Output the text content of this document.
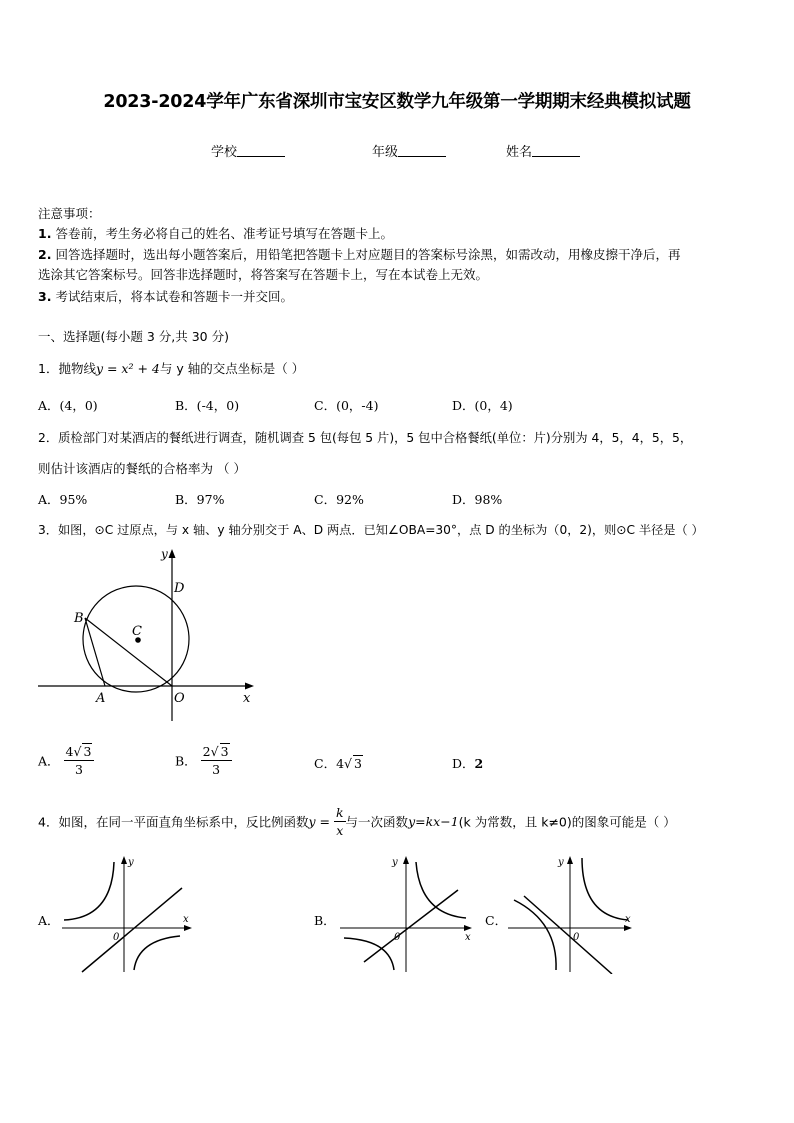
2023-2024学年广东省深圳市宝安区数学九年级第一学期期末经典模拟试题
学校	年级	姓名
注意事项：
1. 答卷前，考生务必将自己的姓名、准考证号填写在答题卡上。
2. 回答选择题时，选出每小题答案后，用铅笔把答题卡上对应题目的答案标号涂黑，如需改动，用橡皮擦干净后，再
选涂其它答案标号。回答非选择题时，将答案写在答题卡上，写在本试卷上无效。
3. 考试结束后，将本试卷和答题卡一并交回。
一、选择题(每小题 3 分,共 30 分)
1．抛物线y = x² + 4与 y 轴的交点坐标是（ ）
A．(4，0)	B．(-4，0)	C．(0，-4)	D．(0，4)
2．质检部门对某酒店的餐纸进行调查，随机调查 5 包(每包 5 片)，5 包中合格餐纸(单位：片)分别为 4，5，4，5，5，
则估计该酒店的餐纸的合格率为 （ ）
A．95%	B．97%	C．92%	D．98%
3．如图，⊙C 过原点，与 x 轴、y 轴分别交于 A、D 两点．已知∠OBA=30°，点 D 的坐标为（0，2)，则⊙C 半径是（ ）
y
x
D
B
C
A	O
A． $\frac{4√ 3}{3}$	B． $\frac{2√ 3}{3}$	C．4√ 3	D．2
4．如图，在同一平面直角坐标系中，反比例函数$y = \frac{k}{x}$ 与一次函数y=kx−1(k 为常数，且 k≠0)的图象可能是（ ）
A．	B．	C．
y
x
0
y
x
0
y
x
0
